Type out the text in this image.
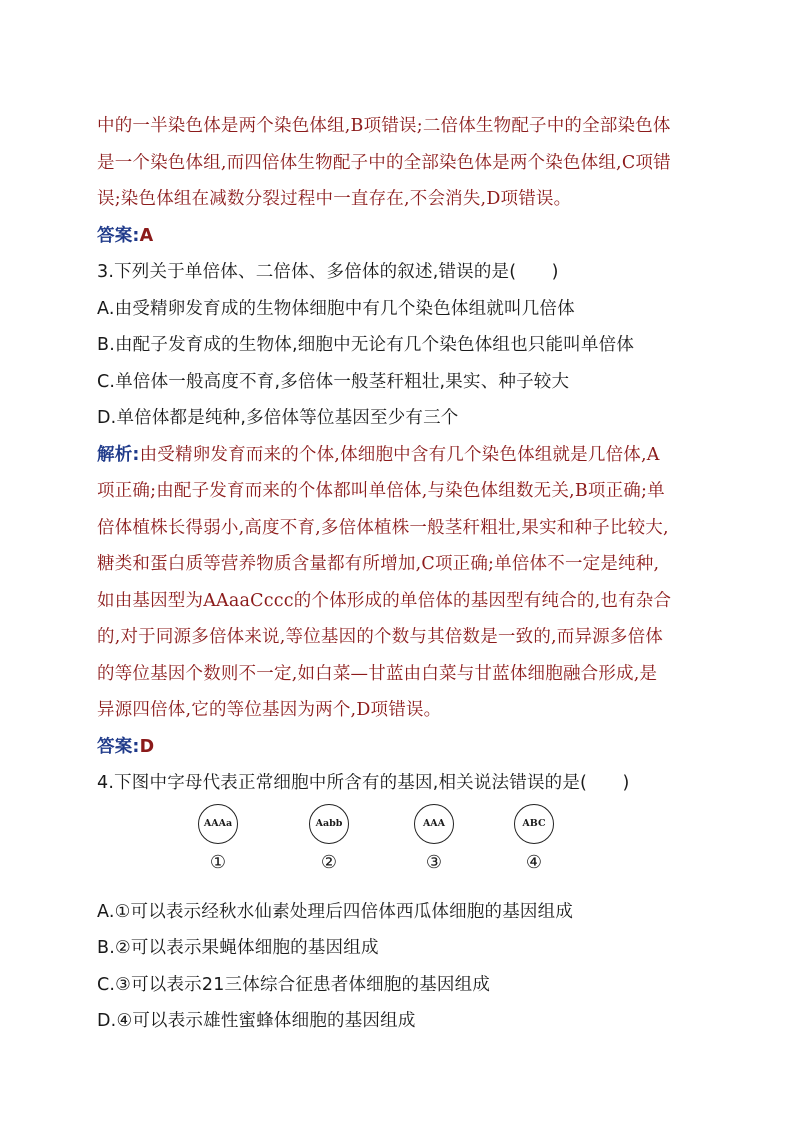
中的一半染色体是两个染色体组,B项错误;二倍体生物配子中的全部染色体
是一个染色体组,而四倍体生物配子中的全部染色体是两个染色体组,C项错
误;染色体组在减数分裂过程中一直存在,不会消失,D项错误。
答案:A
3.下列关于单倍体、二倍体、多倍体的叙述,错误的是(　　)
A.由受精卵发育成的生物体细胞中有几个染色体组就叫几倍体
B.由配子发育成的生物体,细胞中无论有几个染色体组也只能叫单倍体
C.单倍体一般高度不育,多倍体一般茎秆粗壮,果实、种子较大
D.单倍体都是纯种,多倍体等位基因至少有三个
解析:由受精卵发育而来的个体,体细胞中含有几个染色体组就是几倍体,A
项正确;由配子发育而来的个体都叫单倍体,与染色体组数无关,B项正确;单
倍体植株长得弱小,高度不育,多倍体植株一般茎秆粗壮,果实和种子比较大,
糖类和蛋白质等营养物质含量都有所增加,C项正确;单倍体不一定是纯种,
如由基因型为AAaaCccc的个体形成的单倍体的基因型有纯合的,也有杂合
的,对于同源多倍体来说,等位基因的个数与其倍数是一致的,而异源多倍体
的等位基因个数则不一定,如白菜—甘蓝由白菜与甘蓝体细胞融合形成,是
异源四倍体,它的等位基因为两个,D项错误。
答案:D
4.下图中字母代表正常细胞中所含有的基因,相关说法错误的是(　　)
AAAa
①
Aabb
②
AAA
③
ABC
④
A.①可以表示经秋水仙素处理后四倍体西瓜体细胞的基因组成
B.②可以表示果蝇体细胞的基因组成
C.③可以表示21三体综合征患者体细胞的基因组成
D.④可以表示雄性蜜蜂体细胞的基因组成
